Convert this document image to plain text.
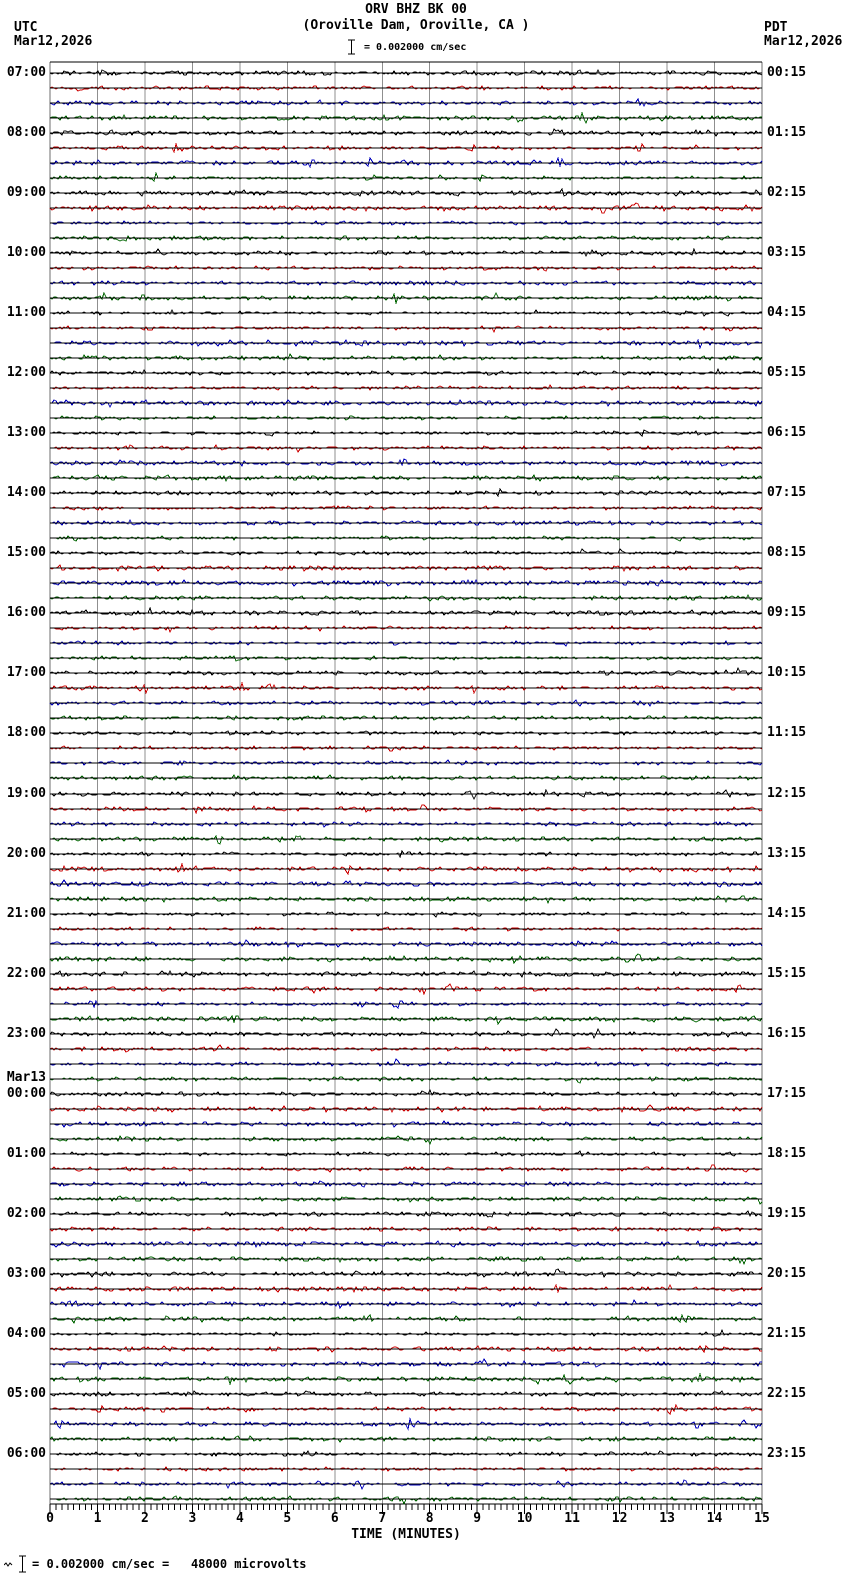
ORV BHZ BK 00
(Oroville Dam, Oroville, CA )
UTC
Mar12,2026
PDT
Mar12,2026
= 0.002000 cm/sec
07:00
08:00
09:00
10:00
11:00
12:00
13:00
14:00
15:00
16:00
17:00
18:00
19:00
20:00
21:00
22:00
23:00
00:00
01:00
02:00
03:00
04:00
05:00
06:00
00:15
01:15
02:15
03:15
04:15
05:15
06:15
07:15
08:15
09:15
10:15
11:15
12:15
13:15
14:15
15:15
16:15
17:15
18:15
19:15
20:15
21:15
22:15
23:15
Mar13
0	1	2	3	4	5	6	7	8	9	10 11 12 13 14 15
TIME (MINUTES)
= 0.002000 cm/sec =   48000 microvolts
